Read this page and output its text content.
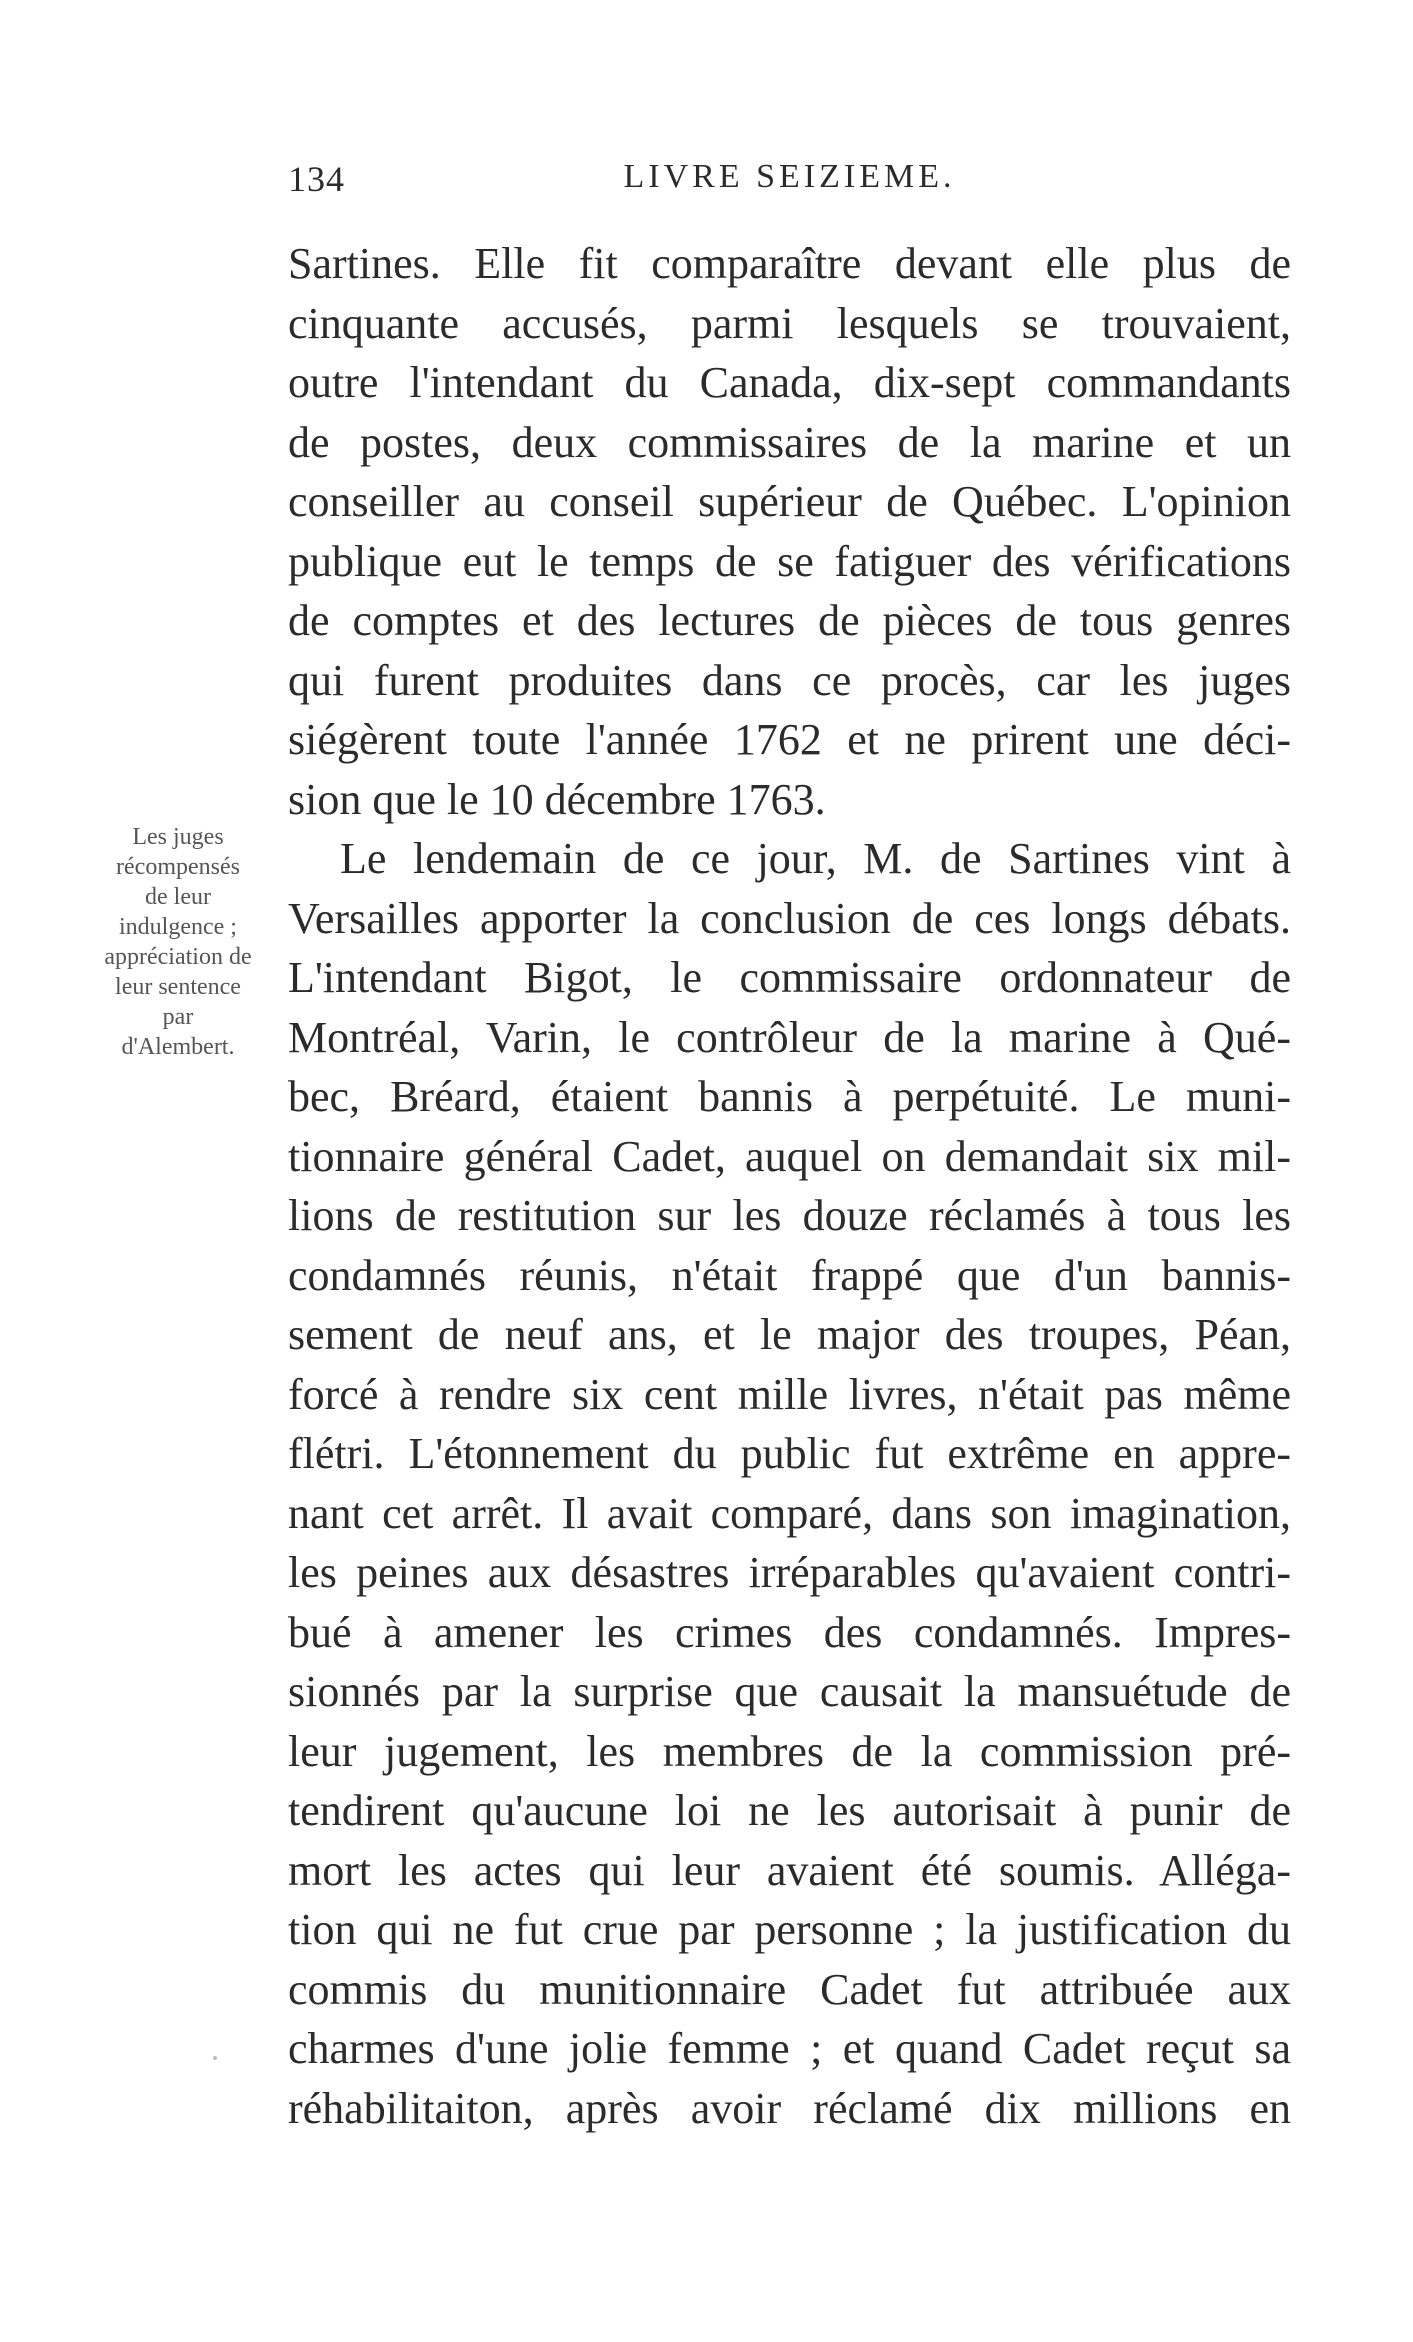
134	LIVRE SEIZIEME.
Les juges
récompensés
de leur
indulgence ;
appréciation de
leur sentence
par
d'Alembert.
Sartines. Elle fit comparaître devant elle plus de
cinquante accusés, parmi lesquels se trouvaient,
outre l'intendant du Canada, dix-sept commandants
de postes, deux commissaires de la marine et un
conseiller au conseil supérieur de Québec. L'opinion
publique eut le temps de se fatiguer des vérifications
de comptes et des lectures de pièces de tous genres
qui furent produites dans ce procès, car les juges
siégèrent toute l'année 1762 et ne prirent une déci-
sion que le 10 décembre 1763.
Le lendemain de ce jour, M. de Sartines vint à
Versailles apporter la conclusion de ces longs débats.
L'intendant Bigot, le commissaire ordonnateur de
Montréal, Varin, le contrôleur de la marine à Qué-
bec, Bréard, étaient bannis à perpétuité. Le muni-
tionnaire général Cadet, auquel on demandait six mil-
lions de restitution sur les douze réclamés à tous les
condamnés réunis, n'était frappé que d'un bannis-
sement de neuf ans, et le major des troupes, Péan,
forcé à rendre six cent mille livres, n'était pas même
flétri. L'étonnement du public fut extrême en appre-
nant cet arrêt. Il avait comparé, dans son imagination,
les peines aux désastres irréparables qu'avaient contri-
bué à amener les crimes des condamnés. Impres-
sionnés par la surprise que causait la mansuétude de
leur jugement, les membres de la commission pré-
tendirent qu'aucune loi ne les autorisait à punir de
mort les actes qui leur avaient été soumis. Alléga-
tion qui ne fut crue par personne ; la justification du
commis du munitionnaire Cadet fut attribuée aux
charmes d'une jolie femme ; et quand Cadet reçut sa
réhabilitaiton, après avoir réclamé dix millions en
